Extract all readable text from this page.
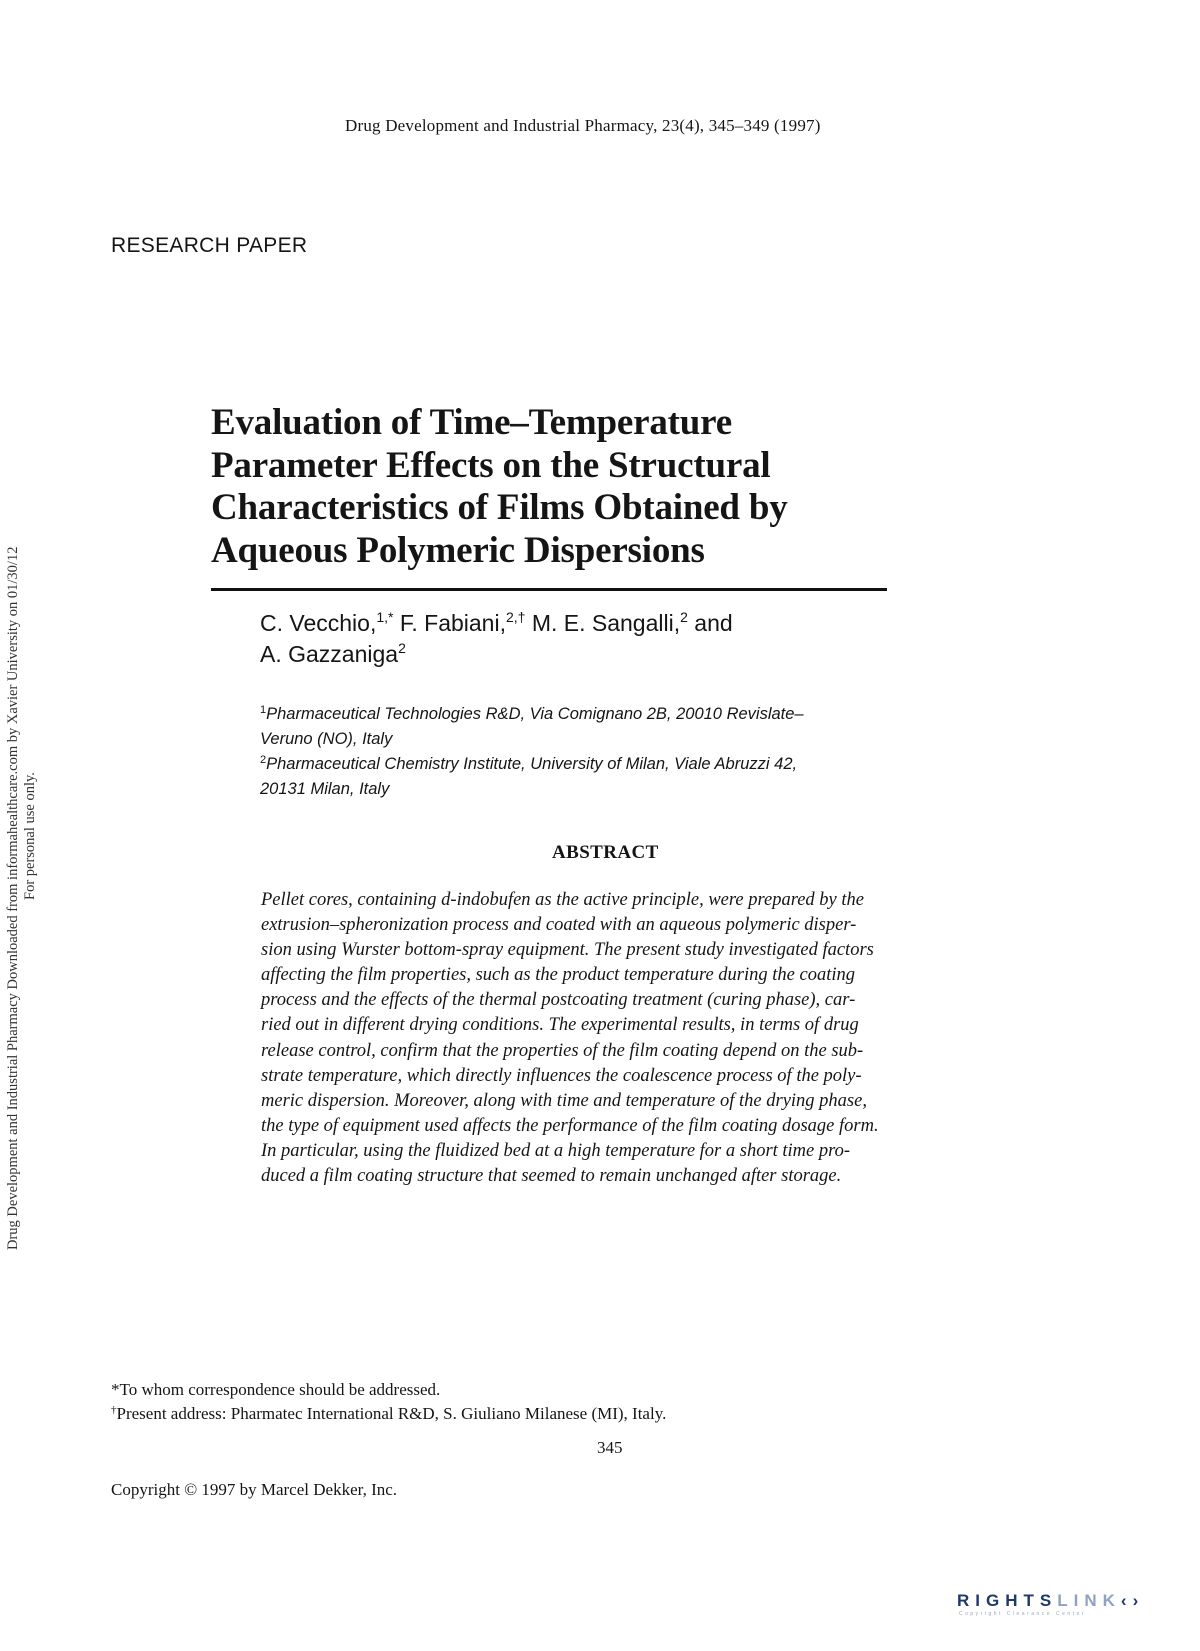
Drug Development and Industrial Pharmacy, 23(4), 345–349 (1997)
RESEARCH PAPER
Drug Development and Industrial Pharmacy Downloaded from informahealthcare.com by Xavier University on 01/30/12 For personal use only.
Evaluation of Time–Temperature
Parameter Effects on the Structural
Characteristics of Films Obtained by
Aqueous Polymeric Dispersions
C. Vecchio,$^{1,*}$ F. Fabiani,$^{2,\dagger}$ M. E. Sangalli,$^2$ and
A. Gazzaniga$^2$
$^1$Pharmaceutical Technologies R&D, Via Comignano 2B, 20010 Revislate–
Veruno (NO), Italy
$^2$Pharmaceutical Chemistry Institute, University of Milan, Viale Abruzzi 42,
20131 Milan, Italy
ABSTRACT
Pellet cores, containing d-indobufen as the active principle, were prepared by the
extrusion–spheronization process and coated with an aqueous polymeric disper-
sion using Wurster bottom-spray equipment. The present study investigated factors
affecting the film properties, such as the product temperature during the coating
process and the effects of the thermal postcoating treatment (curing phase), car-
ried out in different drying conditions. The experimental results, in terms of drug
release control, confirm that the properties of the film coating depend on the sub-
strate temperature, which directly influences the coalescence process of the poly-
meric dispersion. Moreover, along with time and temperature of the drying phase,
the type of equipment used affects the performance of the film coating dosage form.
In particular, using the fluidized bed at a high temperature for a short time pro-
duced a film coating structure that seemed to remain unchanged after storage.
*To whom correspondence should be addressed.
†Present address: Pharmatec International R&D, S. Giuliano Milanese (MI), Italy.
345
Copyright © 1997 by Marcel Dekker, Inc.
RIGHTSLINK‹›
Copyright Clearance Center
